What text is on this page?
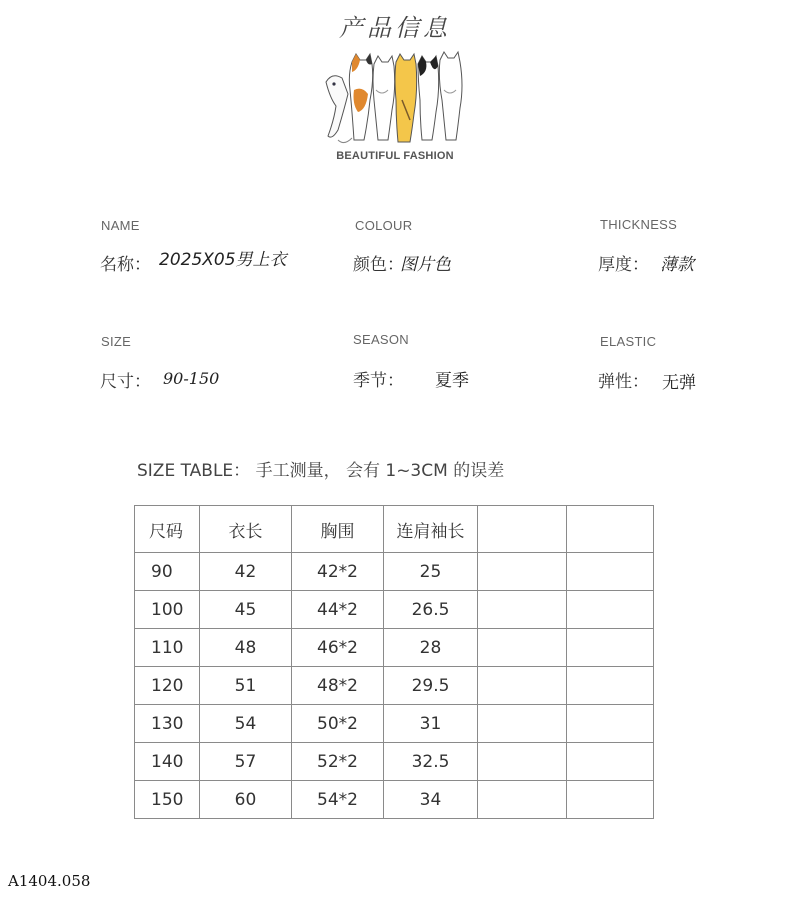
产品信息
BEAUTIFUL FASHION
NAME
名称： 2025X05男上衣
COLOUR
颜色：
图片色
THICKNESS
厚度： 薄款
SIZE
尺寸： 90-150
SEASON
季节： 夏季
ELASTIC
弹性： 无弹
SIZE TABLE： 手工测量， 会有 1~3CM 的误差
尺码	衣长	胸围	连肩袖长		
90	42	42*2	25		
100	45	44*2	26.5		
110	48	46*2	28		
120	51	48*2	29.5		
130	54	50*2	31		
140	57	52*2	32.5		
150	60	54*2	34		
A1404.058
